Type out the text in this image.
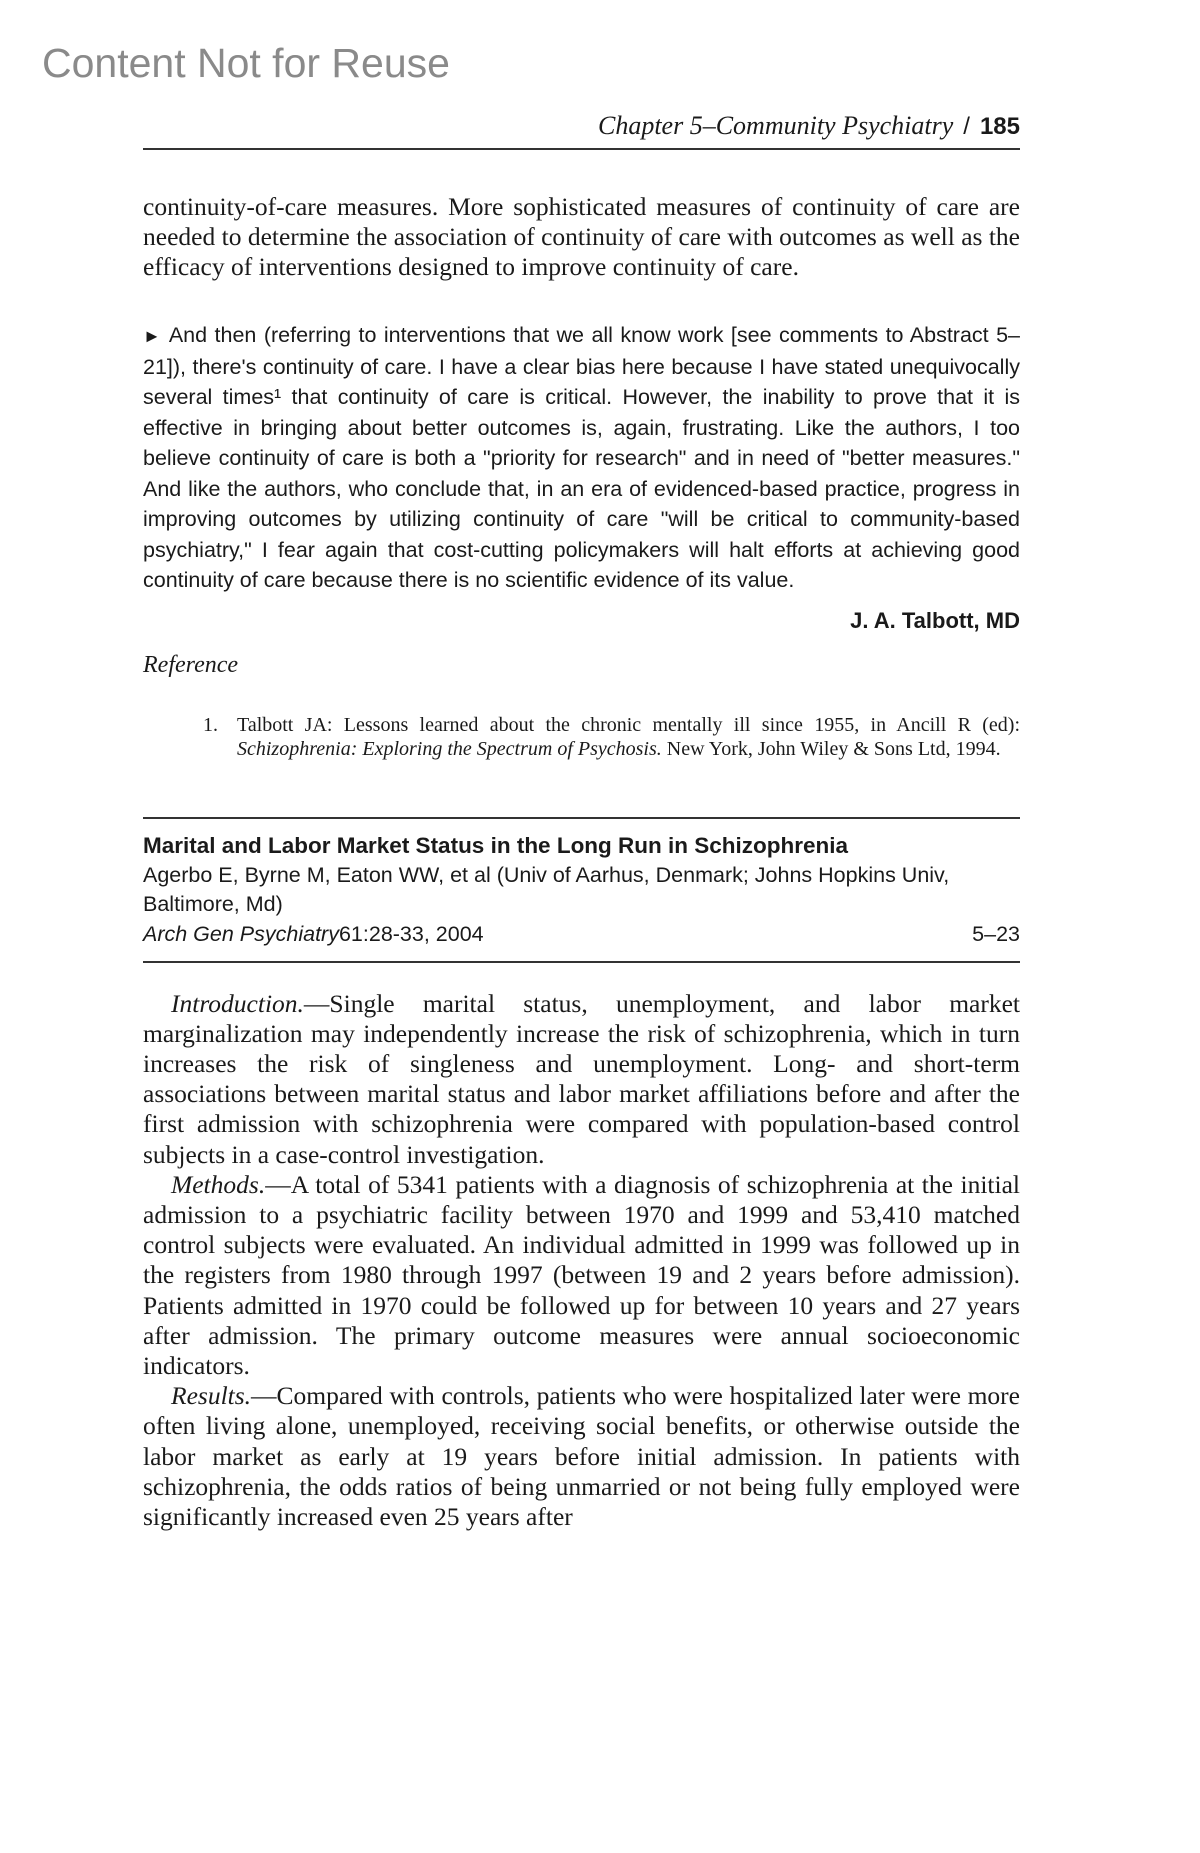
Content Not for Reuse
Chapter 5–Community Psychiatry / 185

continuity-of-care measures. More sophisticated measures of continuity of care are needed to determine the association of continuity of care with outcomes as well as the efficacy of interventions designed to improve continuity of care.

► And then (referring to interventions that we all know work [see comments to Abstract 5–21]), there's continuity of care. I have a clear bias here because I have stated unequivocally several times¹ that continuity of care is critical. However, the inability to prove that it is effective in bringing about better outcomes is, again, frustrating. Like the authors, I too believe continuity of care is both a "priority for research" and in need of "better measures." And like the authors, who conclude that, in an era of evidenced-based practice, progress in improving outcomes by utilizing continuity of care "will be critical to community-based psychiatry," I fear again that cost-cutting policymakers will halt efforts at achieving good continuity of care because there is no scientific evidence of its value.

J. A. Talbott, MD
Reference
1. Talbott JA: Lessons learned about the chronic mentally ill since 1955, in Ancill R (ed): Schizophrenia: Exploring the Spectrum of Psychosis. New York, John Wiley & Sons Ltd, 1994.
Marital and Labor Market Status in the Long Run in Schizophrenia
Agerbo E, Byrne M, Eaton WW, et al (Univ of Aarhus, Denmark; Johns Hopkins Univ, Baltimore, Md)
Arch Gen Psychiatry61:28-33, 2004	5–23

Introduction.—Single marital status, unemployment, and labor market marginalization may independently increase the risk of schizophrenia, which in turn increases the risk of singleness and unemployment. Long- and short-term associations between marital status and labor market affiliations before and after the first admission with schizophrenia were compared with population-based control subjects in a case-control investigation.

Methods.—A total of 5341 patients with a diagnosis of schizophrenia at the initial admission to a psychiatric facility between 1970 and 1999 and 53,410 matched control subjects were evaluated. An individual admitted in 1999 was followed up in the registers from 1980 through 1997 (between 19 and 2 years before admission). Patients admitted in 1970 could be followed up for between 10 years and 27 years after admission. The primary outcome measures were annual socioeconomic indicators.

Results.—Compared with controls, patients who were hospitalized later were more often living alone, unemployed, receiving social benefits, or otherwise outside the labor market as early at 19 years before initial admission. In patients with schizophrenia, the odds ratios of being unmarried or not being fully employed were significantly increased even 25 years after
